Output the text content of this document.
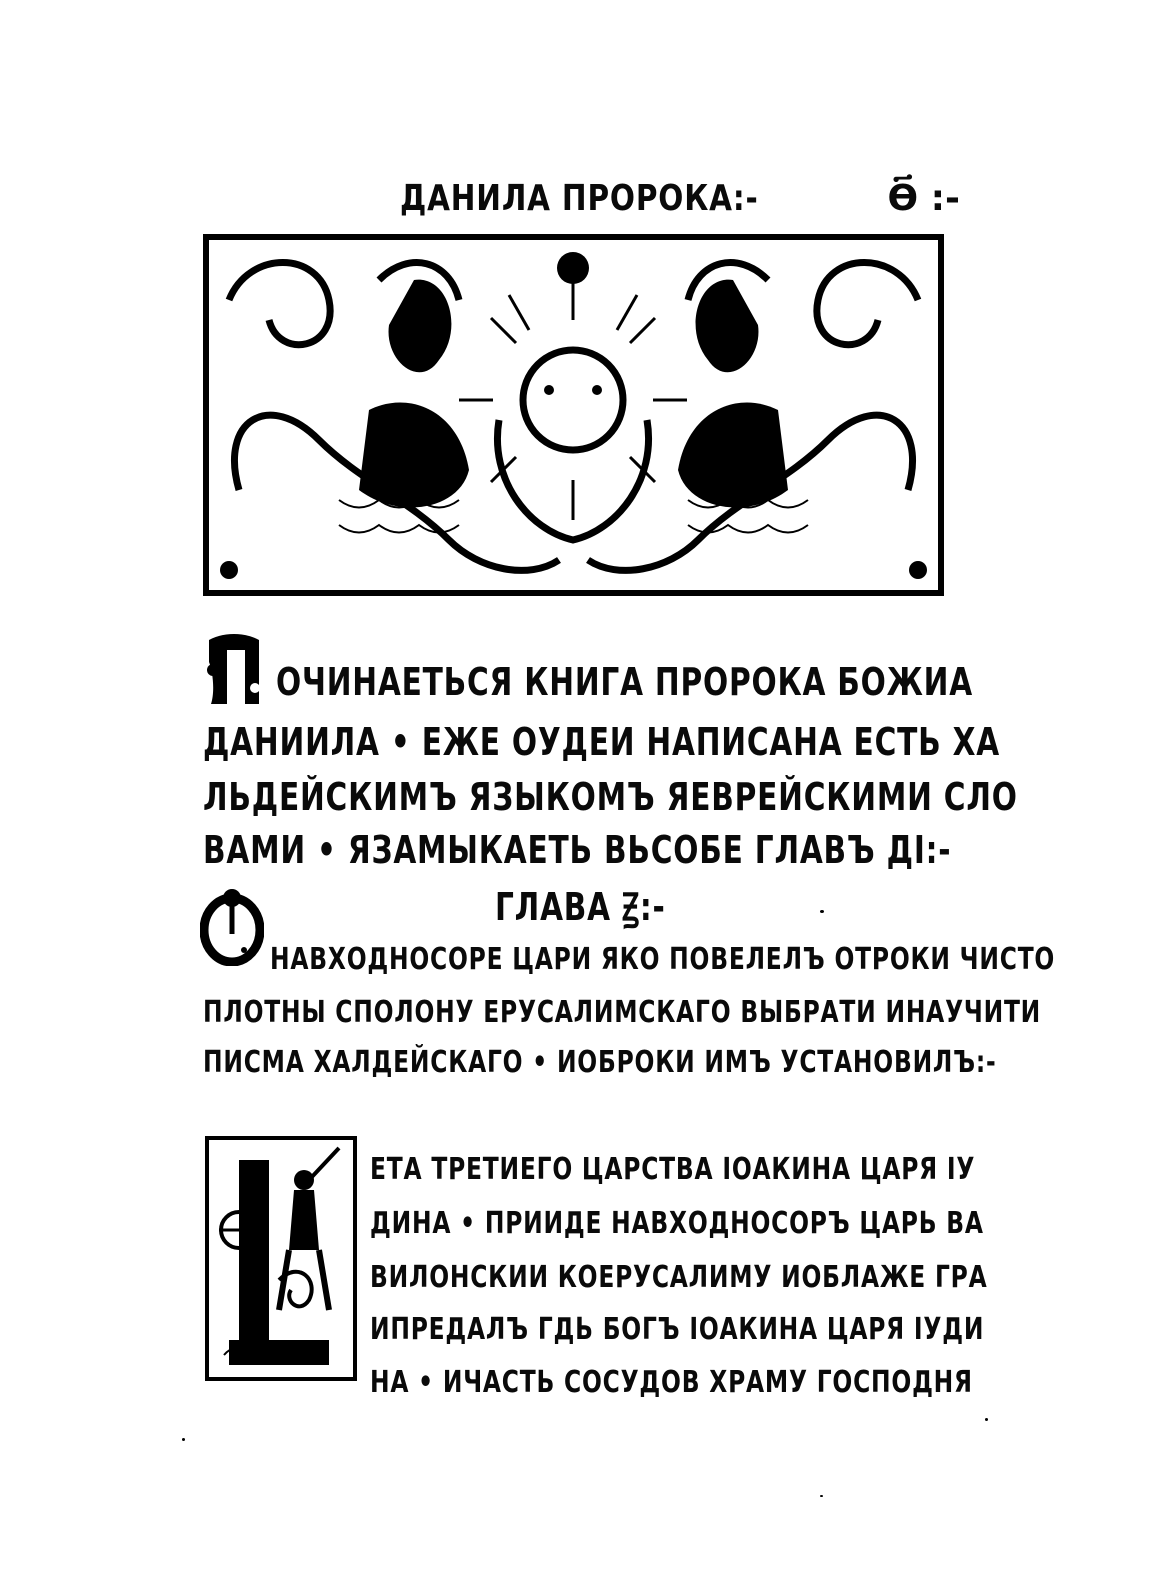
ДАНИЛА ПРОРОКА:-	Ѳ҃ :-
ОЧИНАЕТЬСЯ КНИГА ПРОРОКА БОЖИА
ДАНИИЛА • ЕЖЕ ОУДЕИ НАПИСАНА ЕСТЬ ХА
ЛЬДЕЙСКИМЪ ЯЗЫКОМЪ ЯЕВРЕЙСКИМИ СЛО
ВАМИ • ЯЗАМЫКАЕТЬ ВЬСОБЕ ГЛАВЪ ДІ:-
ГЛАВА Ꙃ:-
НАВХОДНОСОРЕ ЦАРИ ЯКО ПОВЕЛЕЛЪ ОТРОКИ ЧИСТО
ПЛОТНЫ СПОЛОНУ ЕРУСАЛИМСКАГО ВЫБРАТИ ИНАУЧИТИ
ПИСМА ХАЛДЕЙСКАГО • ИОБРОКИ ИМЪ УСТАНОВИЛЪ:-
ЕТА ТРЕТИЕГО ЦАРСТВА ІОАКИНА ЦАРЯ ІУ
ДИНА • ПРИИДЕ НАВХОДНОСОРЪ ЦАРЬ ВА
ВИЛОНСКИИ КОЕРУСАЛИМУ ИОБЛАЖЕ ГРА
ИПРЕДАЛЪ ГДЬ БОГЪ ІОАКИНА ЦАРЯ ІУДИ
НА • ИЧАСТЬ СОСУДОВ ХРАМУ ГОСПОДНЯ
